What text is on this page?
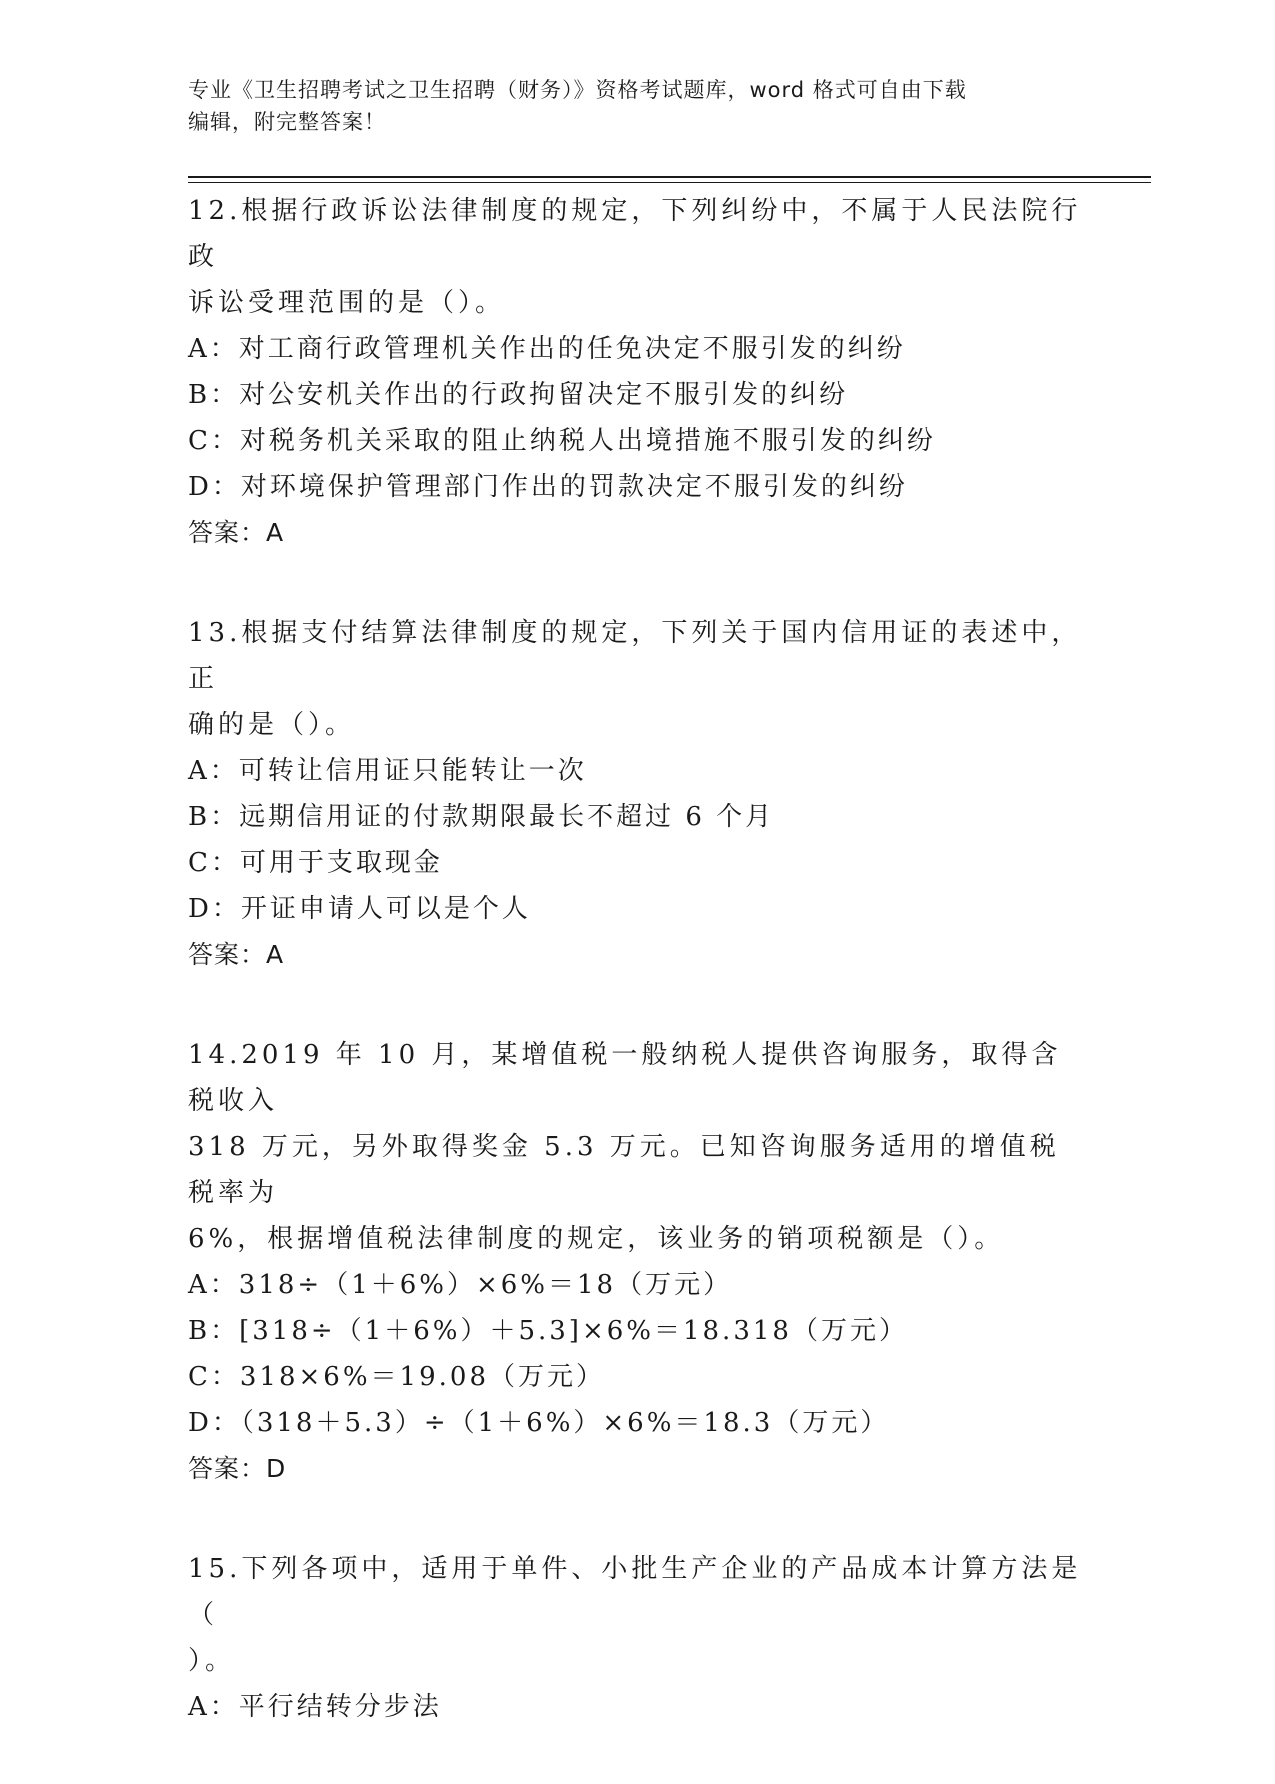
专业《卫生招聘考试之卫生招聘（财务）》资格考试题库，word 格式可自由下载
编辑，附完整答案！
12.根据行政诉讼法律制度的规定，下列纠纷中，不属于人民法院行政
诉讼受理范围的是（）。
A：对工商行政管理机关作出的任免决定不服引发的纠纷
B：对公安机关作出的行政拘留决定不服引发的纠纷
C：对税务机关采取的阻止纳税人出境措施不服引发的纠纷
D：对环境保护管理部门作出的罚款决定不服引发的纠纷
答案：A
13.根据支付结算法律制度的规定，下列关于国内信用证的表述中，正
确的是（）。
A：可转让信用证只能转让一次
B：远期信用证的付款期限最长不超过 6 个月
C：可用于支取现金
D：开证申请人可以是个人
答案：A
14.2019 年 10 月，某增值税一般纳税人提供咨询服务，取得含税收入
318 万元，另外取得奖金 5.3 万元。已知咨询服务适用的增值税税率为
6%，根据增值税法律制度的规定，该业务的销项税额是（）。
A：318÷（1＋6%）×6%＝18（万元）
B：[318÷（1＋6%）＋5.3]×6%＝18.318（万元）
C：318×6%＝19.08（万元）
D：（318＋5.3）÷（1＋6%）×6%＝18.3（万元）
答案：D
15.下列各项中，适用于单件、小批生产企业的产品成本计算方法是（
）。
A：平行结转分步法
